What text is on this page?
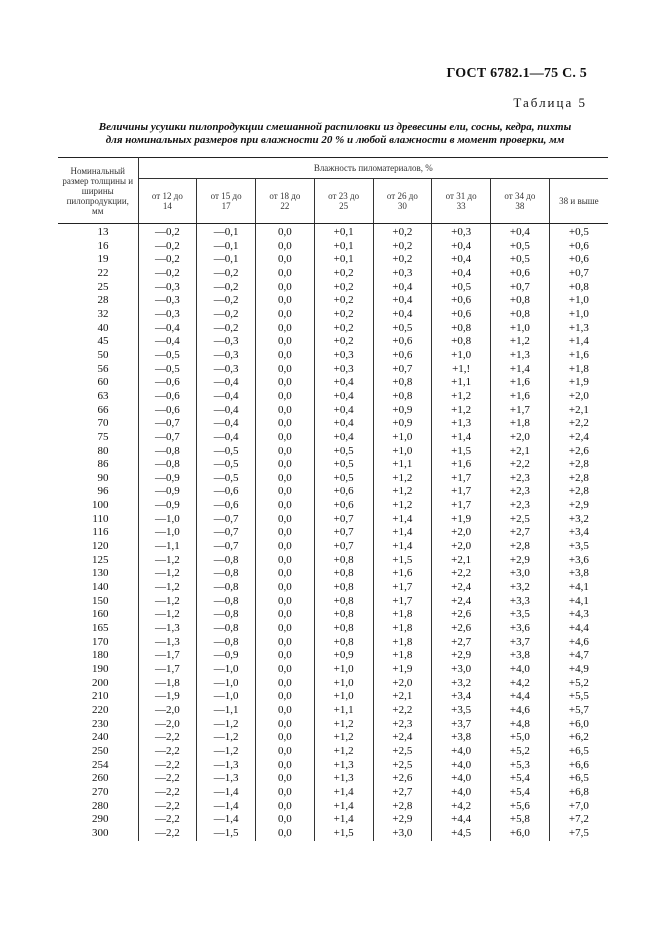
ГОСТ 6782.1—75 С. 5
Таблица 5
Величины усушки пилопродукции смешанной распиловки из древесины ели, сосны, кедра, пихты
для номинальных размеров при влажности 20 % и любой влажности в момент проверки, мм
Номинальный размер толщины и ширины пилопродукции, мм	Влажность пиломатериалов, %							
	от 12 до 14	от 15 до 17	от 18 до 22	от 23 до 25	от 26 до 30	от 31 до 33	от 34 до 38	38 и выше
13	—0,2	—0,1	0,0	+0,1	+0,2	+0,3	+0,4	+0,5
16	—0,2	—0,1	0,0	+0,1	+0,2	+0,4	+0,5	+0,6
19	—0,2	—0,1	0,0	+0,1	+0,2	+0,4	+0,5	+0,6
22	—0,2	—0,2	0,0	+0,2	+0,3	+0,4	+0,6	+0,7
25	—0,3	—0,2	0,0	+0,2	+0,4	+0,5	+0,7	+0,8
28	—0,3	—0,2	0,0	+0,2	+0,4	+0,6	+0,8	+1,0
32	—0,3	—0,2	0,0	+0,2	+0,4	+0,6	+0,8	+1,0
40	—0,4	—0,2	0,0	+0,2	+0,5	+0,8	+1,0	+1,3
45	—0,4	—0,3	0,0	+0,2	+0,6	+0,8	+1,2	+1,4
50	—0,5	—0,3	0,0	+0,3	+0,6	+1,0	+1,3	+1,6
56	—0,5	—0,3	0,0	+0,3	+0,7	+1,!	+1,4	+1,8
60	—0,6	—0,4	0,0	+0,4	+0,8	+1,1	+1,6	+1,9
63	—0,6	—0,4	0,0	+0,4	+0,8	+1,2	+1,6	+2,0
66	—0,6	—0,4	0,0	+0,4	+0,9	+1,2	+1,7	+2,1
70	—0,7	—0,4	0,0	+0,4	+0,9	+1,3	+1,8	+2,2
75	—0,7	—0,4	0,0	+0,4	+1,0	+1,4	+2,0	+2,4
80	—0,8	—0,5	0,0	+0,5	+1,0	+1,5	+2,1	+2,6
86	—0,8	—0,5	0,0	+0,5	+1,1	+1,6	+2,2	+2,8
90	—0,9	—0,5	0,0	+0,5	+1,2	+1,7	+2,3	+2,8
96	—0,9	—0,6	0,0	+0,6	+1,2	+1,7	+2,3	+2,8
100	—0,9	—0,6	0,0	+0,6	+1,2	+1,7	+2,3	+2,9
110	—1,0	—0,7	0,0	+0,7	+1,4	+1,9	+2,5	+3,2
116	—1,0	—0,7	0,0	+0,7	+1,4	+2,0	+2,7	+3,4
120	—1,1	—0,7	0,0	+0,7	+1,4	+2,0	+2,8	+3,5
125	—1,2	—0,8	0,0	+0,8	+1,5	+2,1	+2,9	+3,6
130	—1,2	—0,8	0,0	+0,8	+1,6	+2,2	+3,0	+3,8
140	—1,2	—0,8	0,0	+0,8	+1,7	+2,4	+3,2	+4,1
150	—1,2	—0,8	0,0	+0,8	+1,7	+2,4	+3,3	+4,1
160	—1,2	—0,8	0,0	+0,8	+1,8	+2,6	+3,5	+4,3
165	—1,3	—0,8	0,0	+0,8	+1,8	+2,6	+3,6	+4,4
170	—1,3	—0,8	0,0	+0,8	+1,8	+2,7	+3,7	+4,6
180	—1,7	—0,9	0,0	+0,9	+1,8	+2,9	+3,8	+4,7
190	—1,7	—1,0	0,0	+1,0	+1,9	+3,0	+4,0	+4,9
200	—1,8	—1,0	0,0	+1,0	+2,0	+3,2	+4,2	+5,2
210	—1,9	—1,0	0,0	+1,0	+2,1	+3,4	+4,4	+5,5
220	—2,0	—1,1	0,0	+1,1	+2,2	+3,5	+4,6	+5,7
230	—2,0	—1,2	0,0	+1,2	+2,3	+3,7	+4,8	+6,0
240	—2,2	—1,2	0,0	+1,2	+2,4	+3,8	+5,0	+6,2
250	—2,2	—1,2	0,0	+1,2	+2,5	+4,0	+5,2	+6,5
254	—2,2	—1,3	0,0	+1,3	+2,5	+4,0	+5,3	+6,6
260	—2,2	—1,3	0,0	+1,3	+2,6	+4,0	+5,4	+6,5
270	—2,2	—1,4	0,0	+1,4	+2,7	+4,0	+5,4	+6,8
280	—2,2	—1,4	0,0	+1,4	+2,8	+4,2	+5,6	+7,0
290	—2,2	—1,4	0,0	+1,4	+2,9	+4,4	+5,8	+7,2
300	—2,2	—1,5	0,0	+1,5	+3,0	+4,5	+6,0	+7,5
